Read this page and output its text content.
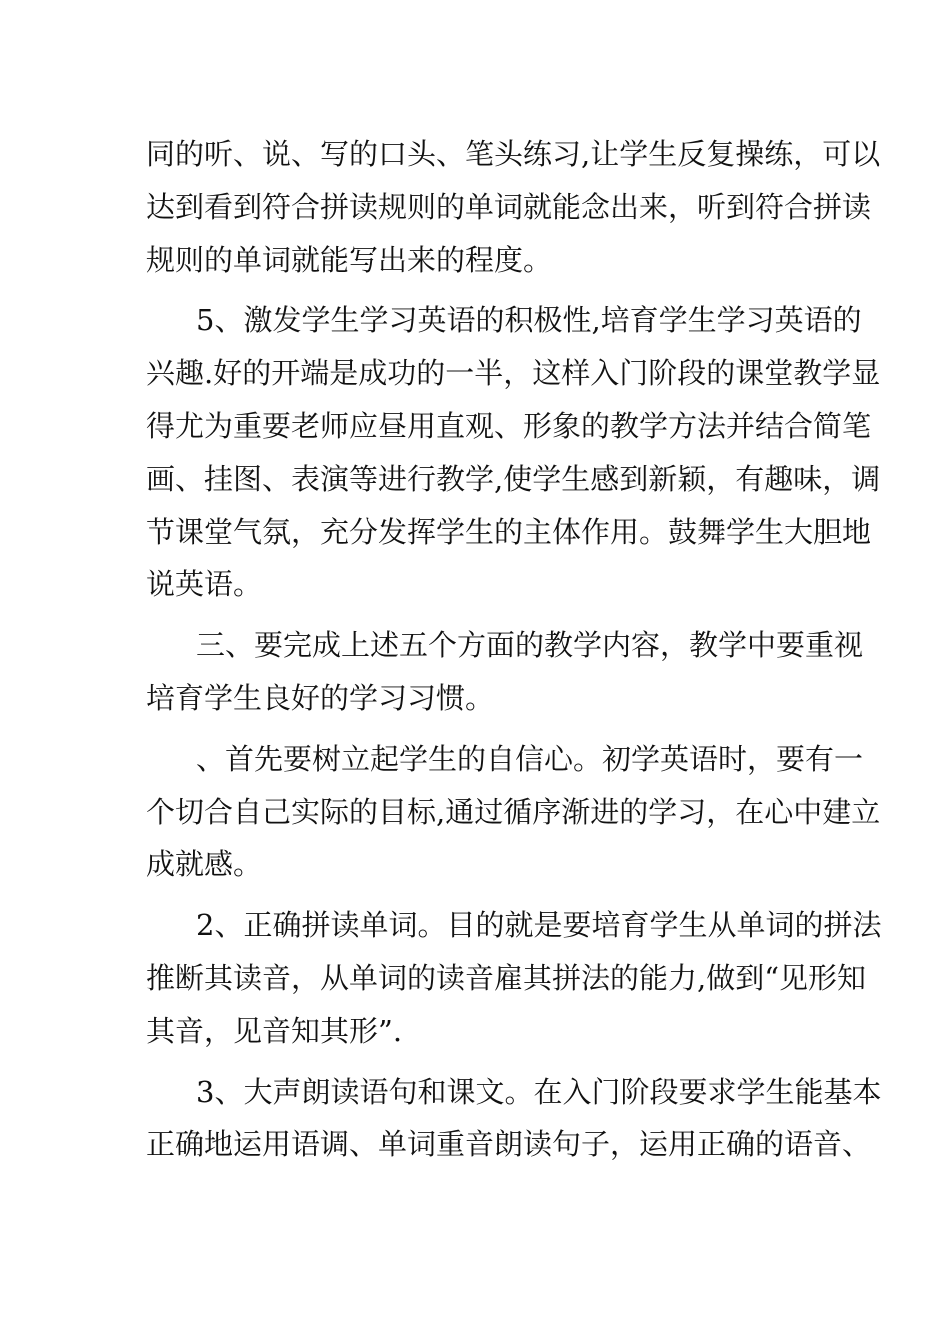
同的听、说、写的口头、笔头练习,让学生反复操练，可以
达到看到符合拼读规则的单词就能念出来，听到符合拼读
规则的单词就能写出来的程度。
5、激发学生学习英语的积极性,培育学生学习英语的
兴趣.好的开端是成功的一半，这样入门阶段的课堂教学显
得尤为重要老师应昼用直观、形象的教学方法并结合简笔
画、挂图、表演等进行教学,使学生感到新颖，有趣味，调
节课堂气氛，充分发挥学生的主体作用。鼓舞学生大胆地
说英语。
三、要完成上述五个方面的教学内容，教学中要重视
培育学生良好的学习习惯。
、首先要树立起学生的自信心。初学英语时，要有一
个切合自己实际的目标,通过循序渐进的学习，在心中建立
成就感。
2、正确拼读单词。目的就是要培育学生从单词的拼法
推断其读音，从单词的读音雇其拼法的能力,做到“见形知
其音，见音知其形”.
3、大声朗读语句和课文。在入门阶段要求学生能基本
正确地运用语调、单词重音朗读句子，运用正确的语音、
